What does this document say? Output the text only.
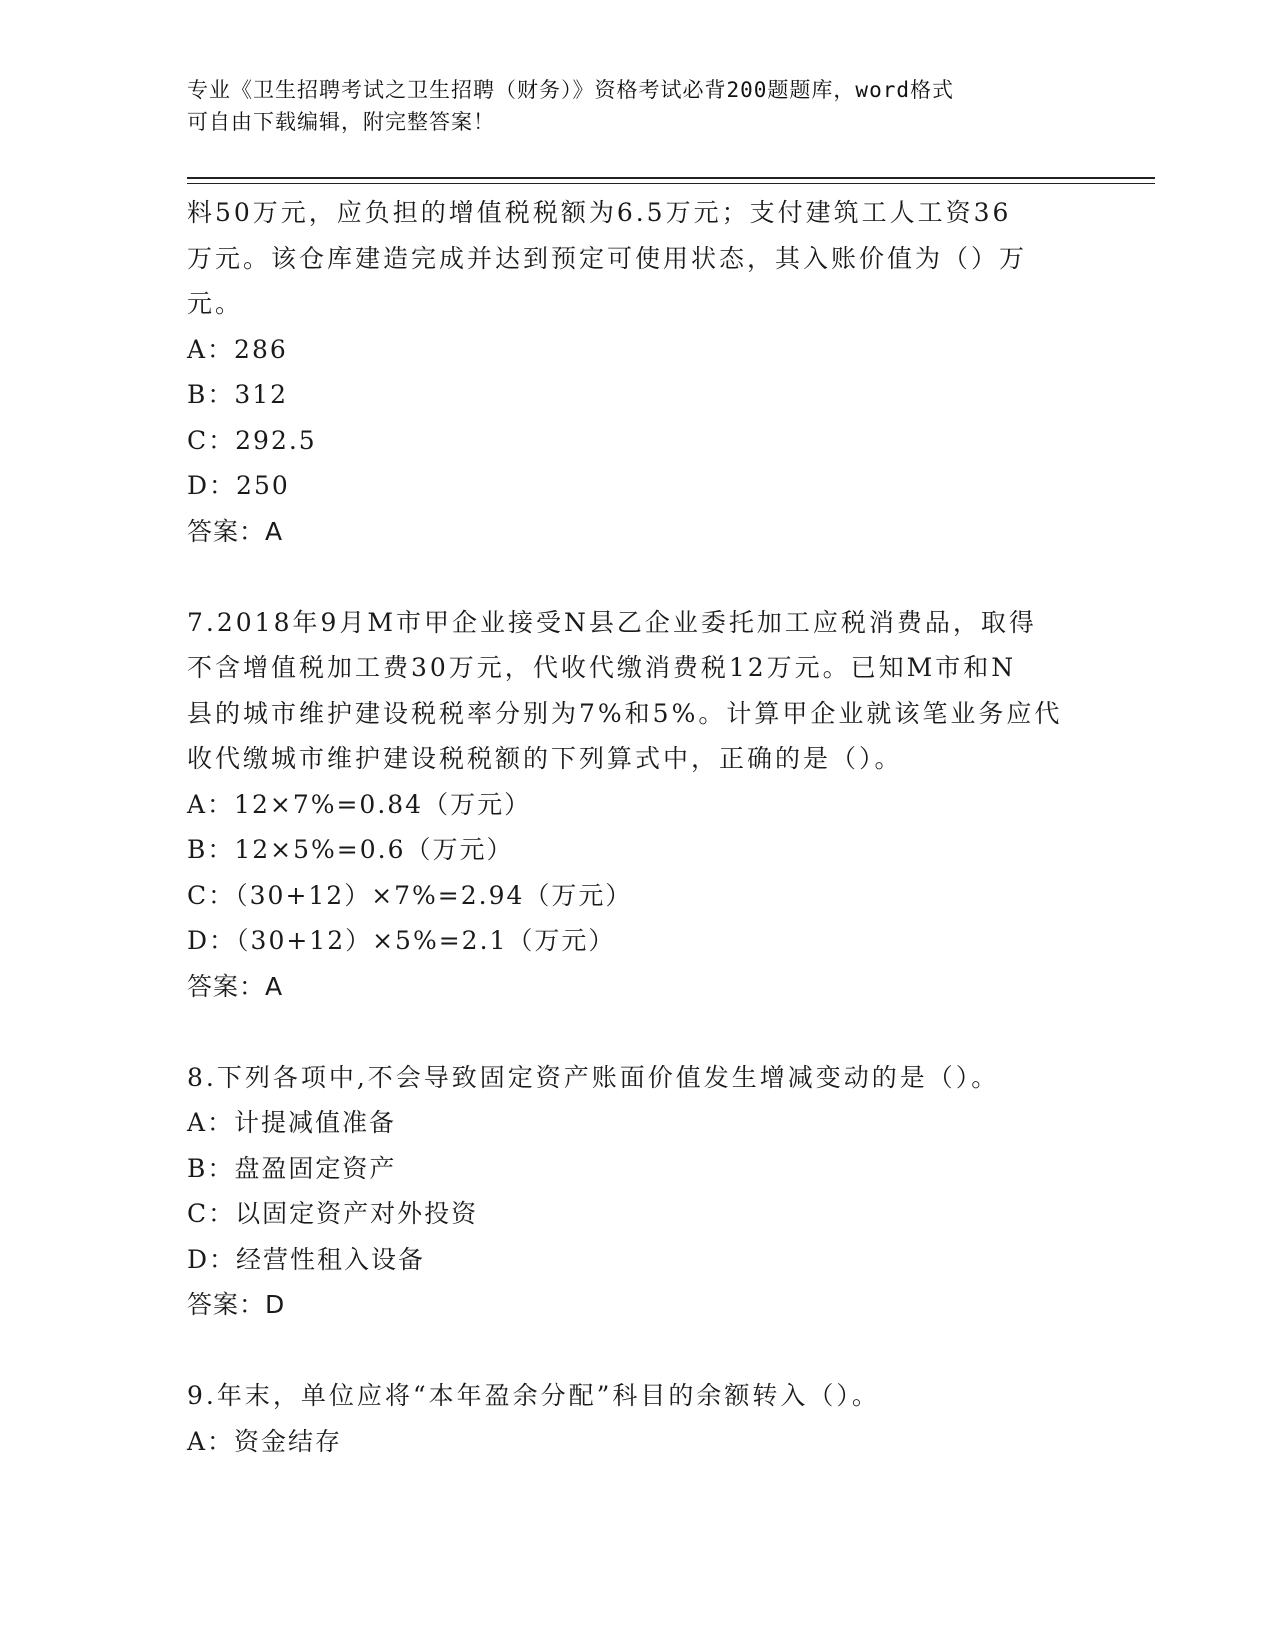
专业《卫生招聘考试之卫生招聘（财务）》资格考试必背200题题库，word格式
可自由下载编辑，附完整答案！

料50万元，应负担的增值税税额为6.5万元；支付建筑工人工资36

万元。该仓库建造完成并达到预定可使用状态，其入账价值为（）万

元。

A：286

B：312

C：292.5

D：250

答案：A

7.2018年9月M市甲企业接受N县乙企业委托加工应税消费品，取得

不含增值税加工费30万元，代收代缴消费税12万元。已知M市和N

县的城市维护建设税税率分别为7%和5%。计算甲企业就该笔业务应代

收代缴城市维护建设税税额的下列算式中，正确的是（）。

A：12×7%=0.84（万元）

B：12×5%=0.6（万元）

C：（30+12）×7%=2.94（万元）

D：（30+12）×5%=2.1（万元）

答案：A

8.下列各项中,不会导致固定资产账面价值发生增减变动的是（）。

A：计提减值准备

B：盘盈固定资产

C：以固定资产对外投资

D：经营性租入设备

答案：D

9.年末，单位应将“本年盈余分配”科目的余额转入（）。

A：资金结存
